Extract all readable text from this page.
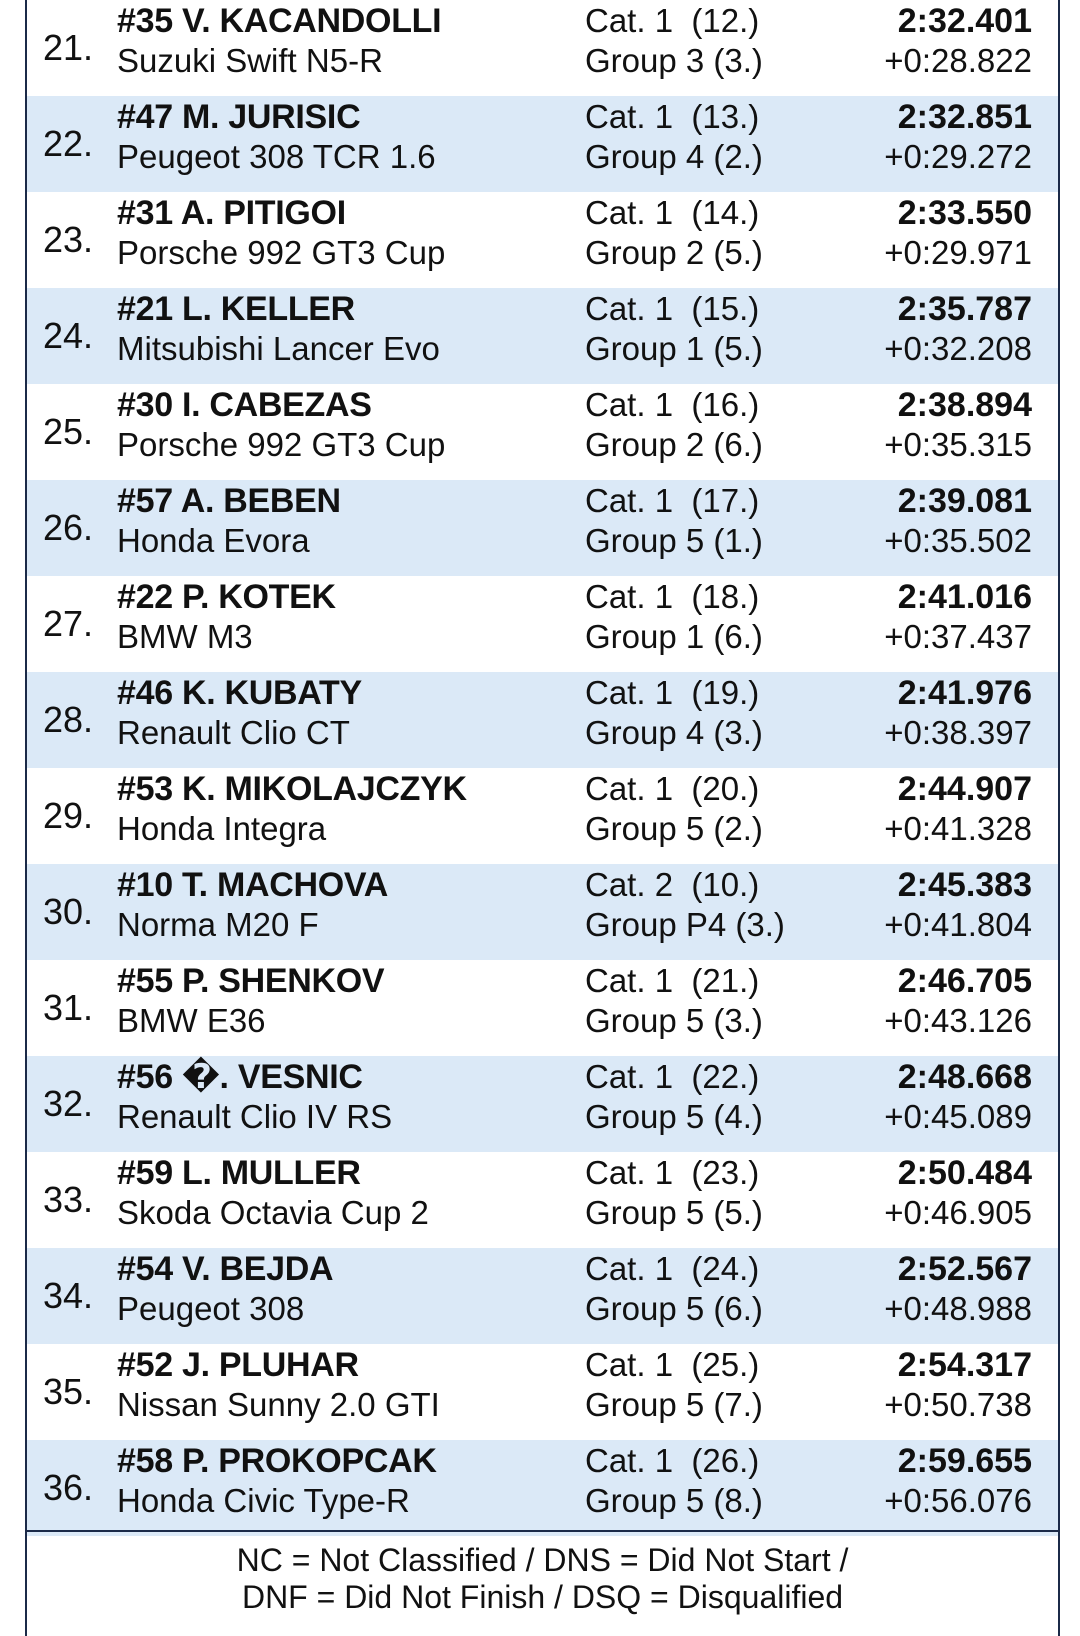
21.
#35 V. KACANDOLLI
Suzuki Swift N5-R
Cat. 1  (12.)
Group 3 (3.)
2:32.401
+0:28.822
22.
#47 M. JURISIC
Peugeot 308 TCR 1.6
Cat. 1  (13.)
Group 4 (2.)
2:32.851
+0:29.272
23.
#31 A. PITIGOI
Porsche 992 GT3 Cup
Cat. 1  (14.)
Group 2 (5.)
2:33.550
+0:29.971
24.
#21 L. KELLER
Mitsubishi Lancer Evo
Cat. 1  (15.)
Group 1 (5.)
2:35.787
+0:32.208
25.
#30 I. CABEZAS
Porsche 992 GT3 Cup
Cat. 1  (16.)
Group 2 (6.)
2:38.894
+0:35.315
26.
#57 A. BEBEN
Honda Evora
Cat. 1  (17.)
Group 5 (1.)
2:39.081
+0:35.502
27.
#22 P. KOTEK
BMW M3
Cat. 1  (18.)
Group 1 (6.)
2:41.016
+0:37.437
28.
#46 K. KUBATY
Renault Clio CT
Cat. 1  (19.)
Group 4 (3.)
2:41.976
+0:38.397
29.
#53 K. MIKOLAJCZYK
Honda Integra
Cat. 1  (20.)
Group 5 (2.)
2:44.907
+0:41.328
30.
#10 T. MACHOVA
Norma M20 F
Cat. 2  (10.)
Group P4 (3.)
2:45.383
+0:41.804
31.
#55 P. SHENKOV
BMW E36
Cat. 1  (21.)
Group 5 (3.)
2:46.705
+0:43.126
32.
#56 �. VESNIC
Renault Clio IV RS
Cat. 1  (22.)
Group 5 (4.)
2:48.668
+0:45.089
33.
#59 L. MULLER
Skoda Octavia Cup 2
Cat. 1  (23.)
Group 5 (5.)
2:50.484
+0:46.905
34.
#54 V. BEJDA
Peugeot 308
Cat. 1  (24.)
Group 5 (6.)
2:52.567
+0:48.988
35.
#52 J. PLUHAR
Nissan Sunny 2.0 GTI
Cat. 1  (25.)
Group 5 (7.)
2:54.317
+0:50.738
36.
#58 P. PROKOPCAK
Honda Civic Type-R
Cat. 1  (26.)
Group 5 (8.)
2:59.655
+0:56.076
NC = Not Classified / DNS = Did Not Start /
DNF = Did Not Finish / DSQ = Disqualified
